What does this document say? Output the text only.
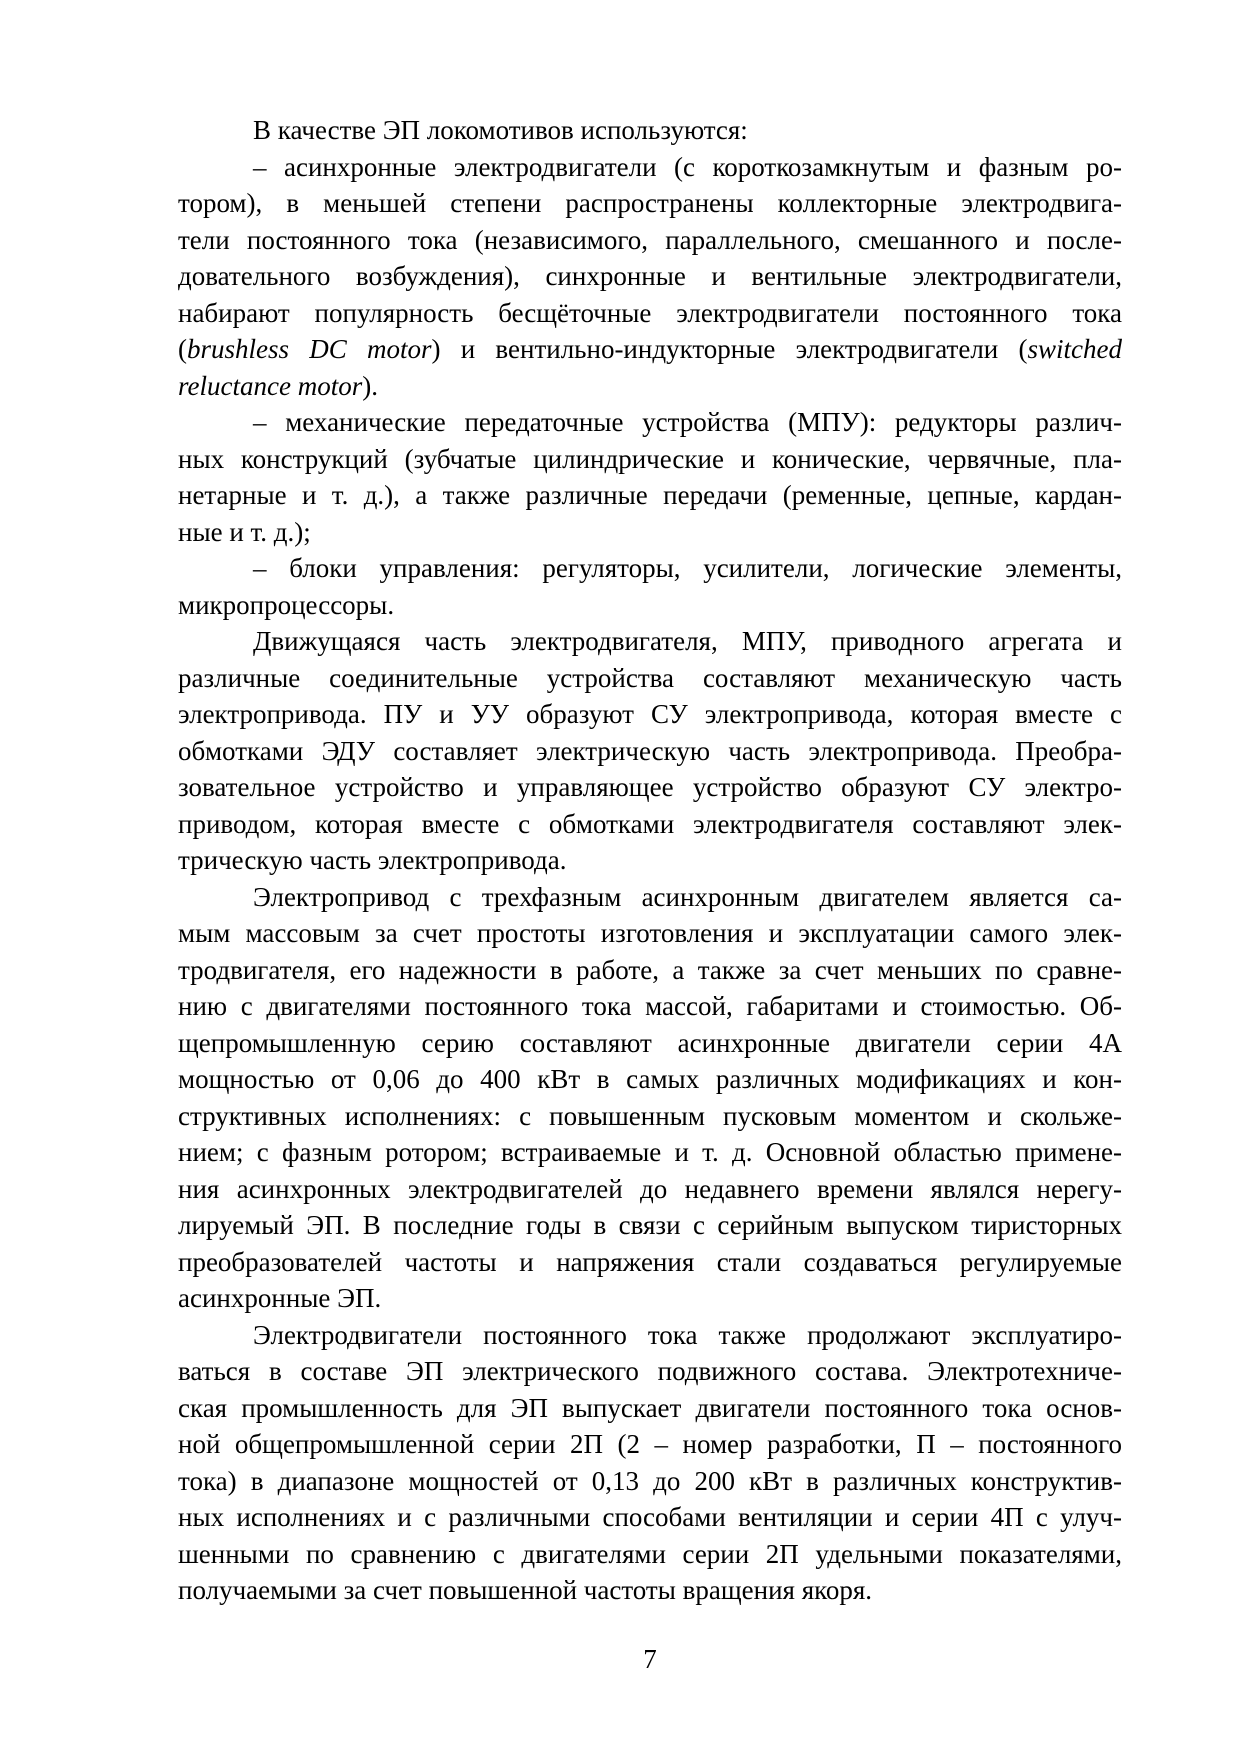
В качестве ЭП локомотивов используются:
– асинхронные электродвигатели (с короткозамкнутым и фазным ро-
тором), в меньшей степени распространены коллекторные электродвига-
тели постоянного тока (независимого, параллельного, смешанного и после-
довательного возбуждения), синхронные и вентильные электродвигатели,
набирают популярность бесщёточные электродвигатели постоянного тока
(brushless DC motor) и вентильно-индукторные электродвигатели (switched
reluctance motor).
– механические передаточные устройства (МПУ): редукторы различ-
ных конструкций (зубчатые цилиндрические и конические, червячные, пла-
нетарные и т. д.), а также различные передачи (ременные, цепные, кардан-
ные и т. д.);
– блоки управления: регуляторы, усилители, логические элементы,
микропроцессоры.
Движущаяся часть электродвигателя, МПУ, приводного агрегата и
различные соединительные устройства составляют механическую часть
электропривода. ПУ и УУ образуют СУ электропривода, которая вместе с
обмотками ЭДУ составляет электрическую часть электропривода. Преобра-
зовательное устройство и управляющее устройство образуют СУ электро-
приводом, которая вместе с обмотками электродвигателя составляют элек-
трическую часть электропривода.
Электропривод с трехфазным асинхронным двигателем является са-
мым массовым за счет простоты изготовления и эксплуатации самого элек-
тродвигателя, его надежности в работе, а также за счет меньших по сравне-
нию с двигателями постоянного тока массой, габаритами и стоимостью. Об-
щепромышленную серию составляют асинхронные двигатели серии 4А
мощностью от 0,06 до 400 кВт в самых различных модификациях и кон-
структивных исполнениях: с повышенным пусковым моментом и скольже-
нием; с фазным ротором; встраиваемые и т. д. Основной областью примене-
ния асинхронных электродвигателей до недавнего времени являлся нерегу-
лируемый ЭП. В последние годы в связи с серийным выпуском тиристорных
преобразователей частоты и напряжения стали создаваться регулируемые
асинхронные ЭП.
Электродвигатели постоянного тока также продолжают эксплуатиро-
ваться в составе ЭП электрического подвижного состава. Электротехниче-
ская промышленность для ЭП выпускает двигатели постоянного тока основ-
ной общепромышленной серии 2П (2 – номер разработки, П – постоянного
тока) в диапазоне мощностей от 0,13 до 200 кВт в различных конструктив-
ных исполнениях и с различными способами вентиляции и серии 4П с улуч-
шенными по сравнению с двигателями серии 2П удельными показателями,
получаемыми за счет повышенной частоты вращения якоря.
7
